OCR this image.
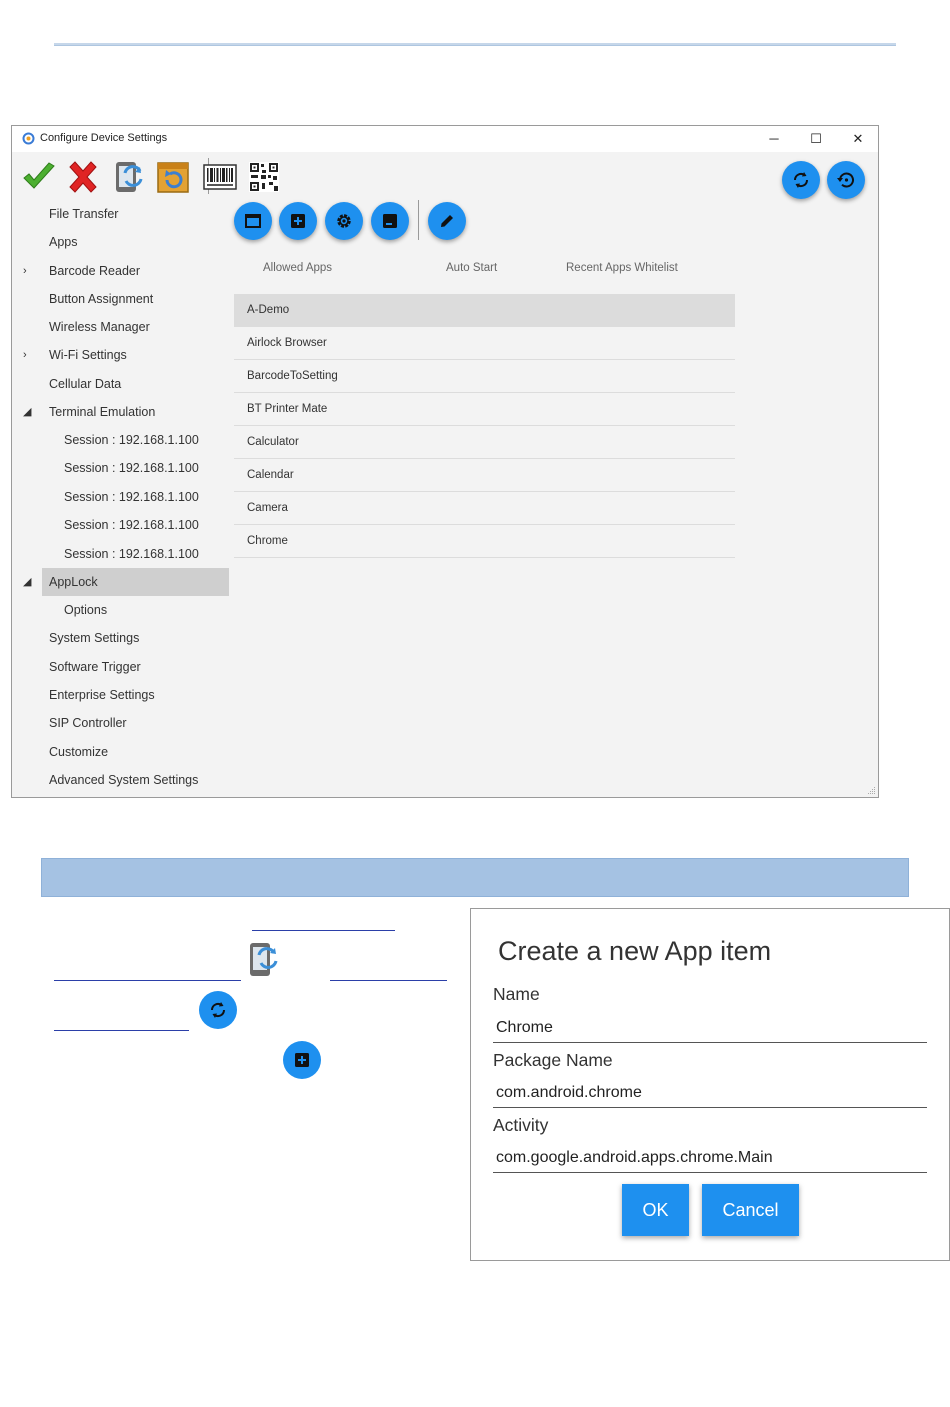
Configure Device Settings	─	☐	✕
File Transfer
Apps
› Barcode Reader
Button Assignment
Wireless Manager
› Wi-Fi Settings
Cellular Data
◢ Terminal Emulation
Session : 192.168.1.100
Session : 192.168.1.100
Session : 192.168.1.100
Session : 192.168.1.100
Session : 192.168.1.100
◢ AppLock
Options
System Settings
Software Trigger
Enterprise Settings
SIP Controller
Customize
Advanced System Settings
Allowed Apps	Auto Start	Recent Apps Whitelist
A-Demo
Airlock Browser
BarcodeToSetting
BT Printer Mate
Calculator
Calendar
Camera
Chrome
Create a new App item
Name
Chrome
Package Name
com.android.chrome
Activity
com.google.android.apps.chrome.Main
OK	Cancel
